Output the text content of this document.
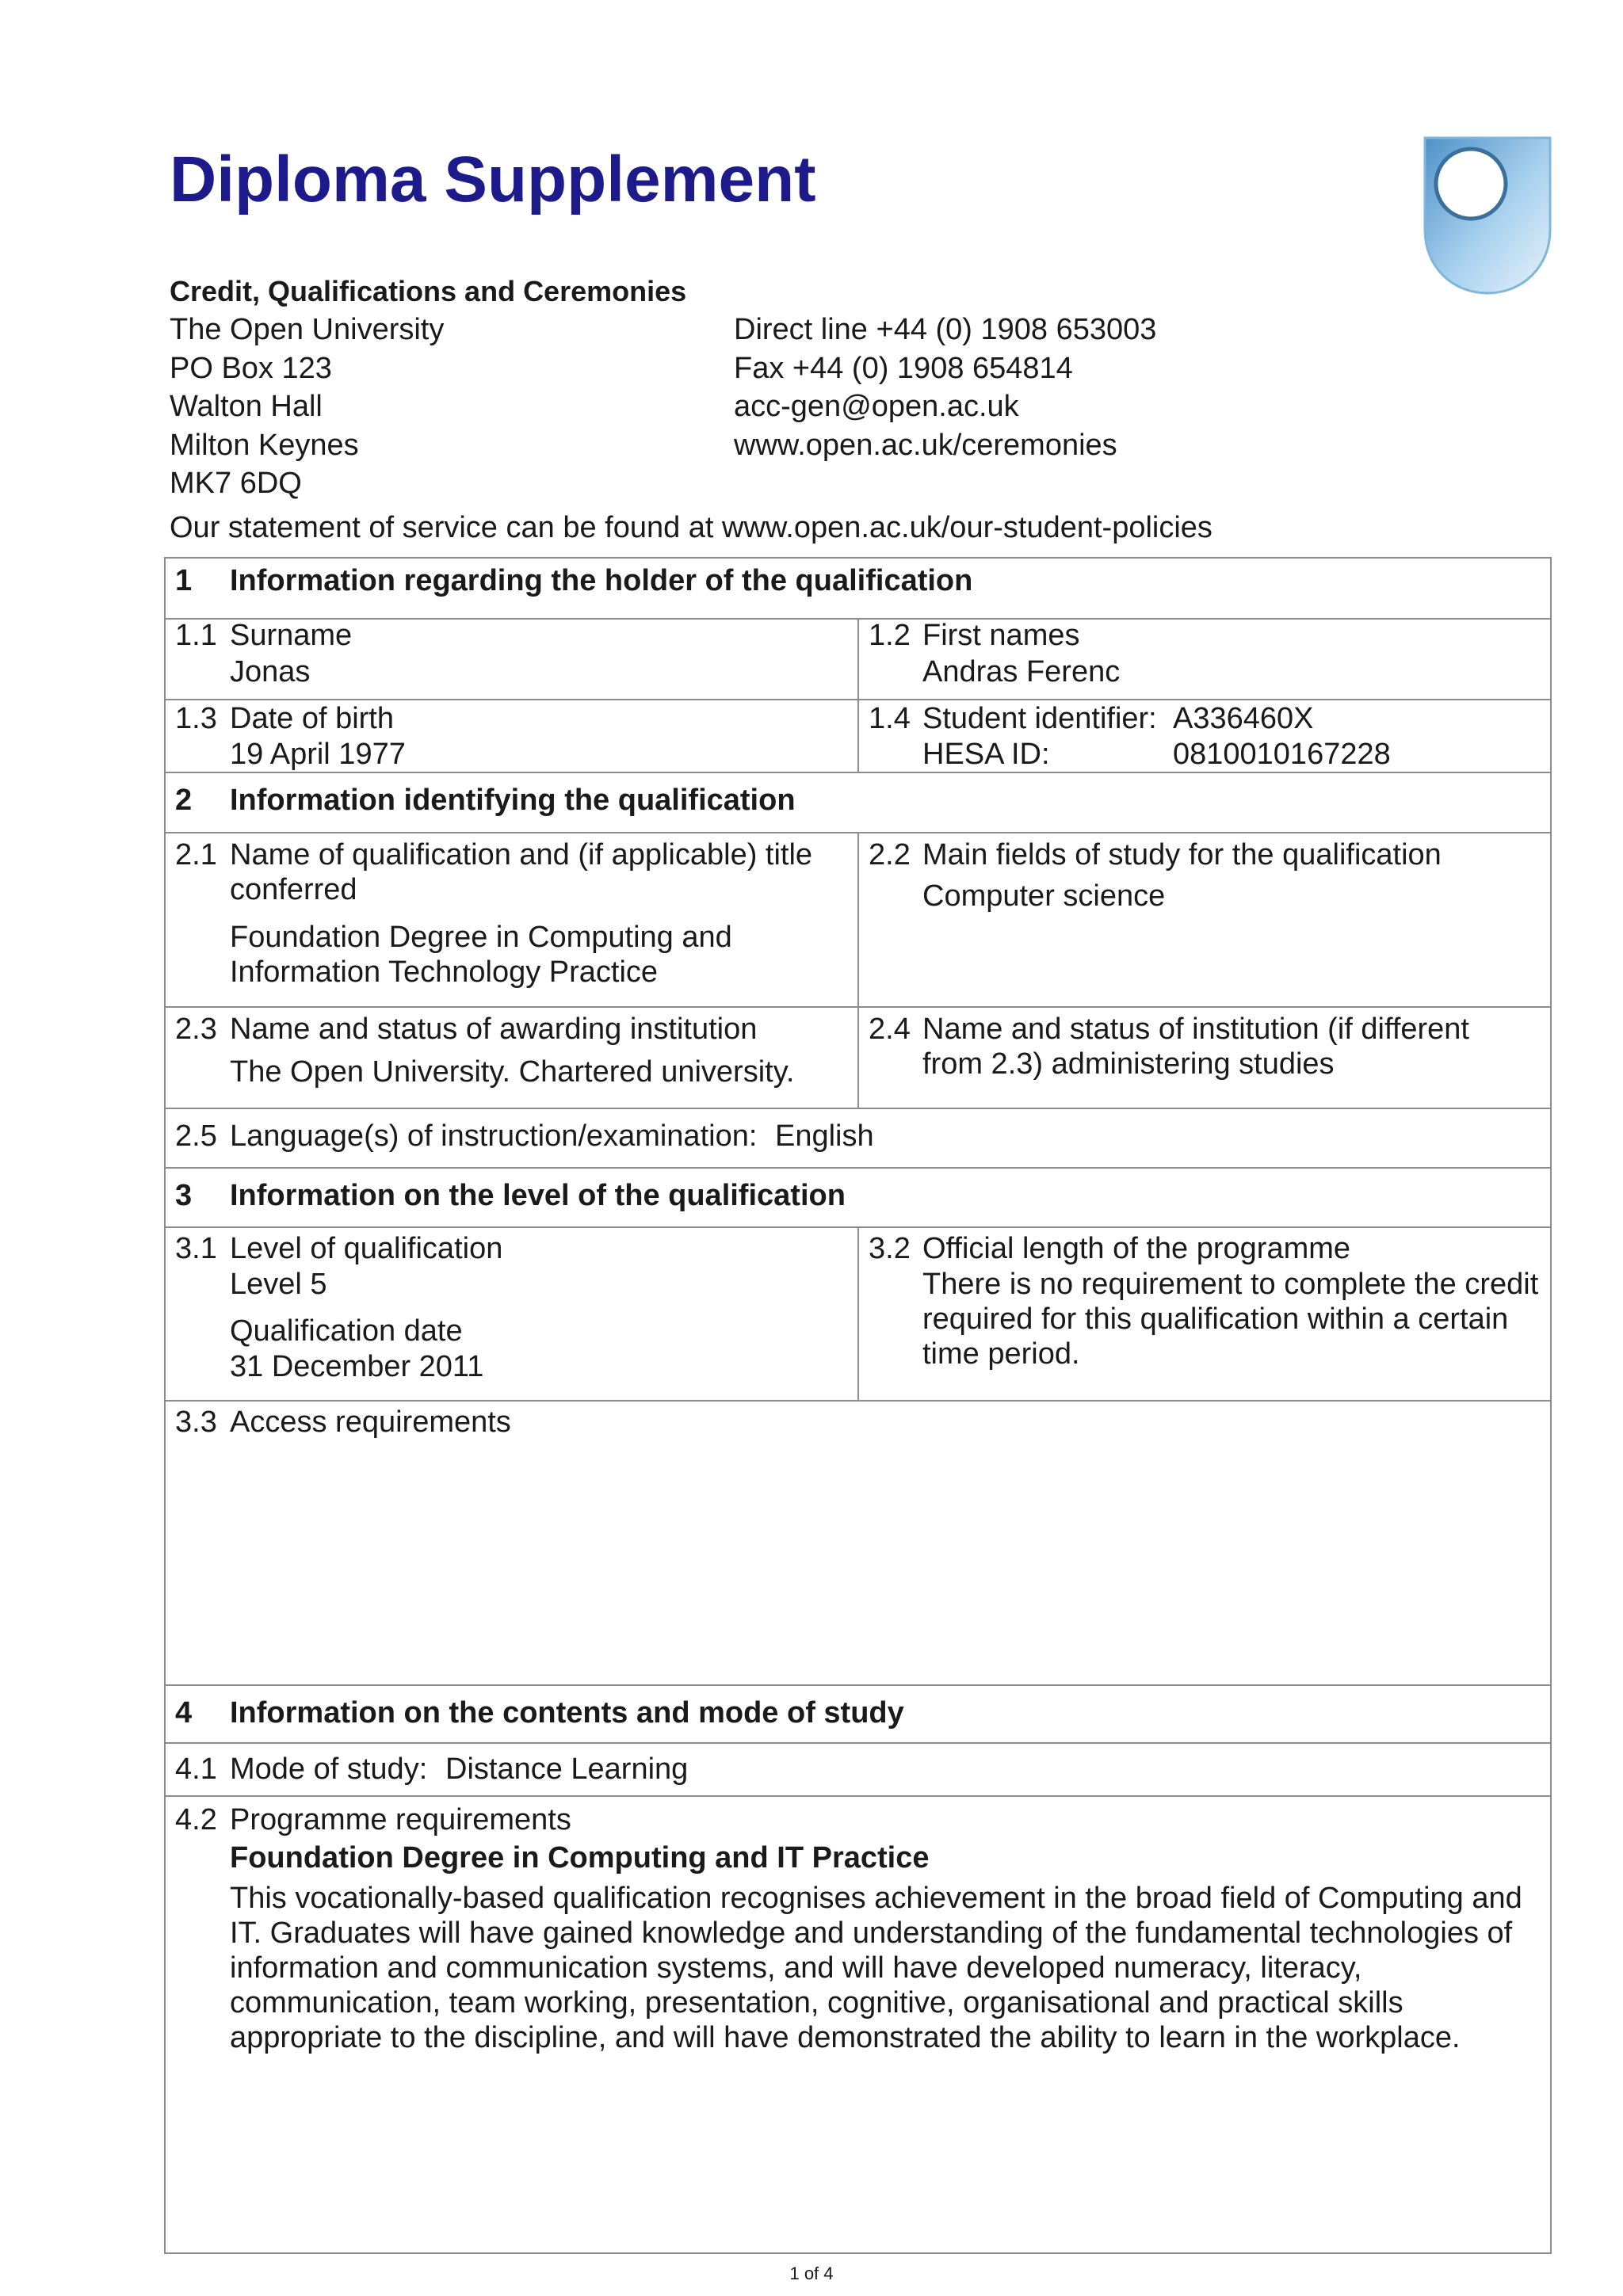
Diploma Supplement
Credit, Qualifications and Ceremonies
The Open University
PO Box 123
Walton Hall
Milton Keynes
MK7 6DQ
Direct line +44 (0) 1908 653003
Fax +44 (0) 1908 654814
acc-gen@open.ac.uk
www.open.ac.uk/ceremonies
Our statement of service can be found at www.open.ac.uk/our-student-policies
1 Information regarding the holder of the qualification
1.1 Surname
Jonas
1.2 First names
Andras Ferenc
1.3 Date of birth
19 April 1977
1.4 Student identifier: A336460X
HESA ID:	0810010167228
2 Information identifying the qualification
2.1 Name of qualification and (if applicable) title
conferred
Foundation Degree in Computing and
Information Technology Practice
2.2 Main fields of study for the qualification
Computer science
2.3 Name and status of awarding institution
The Open University. Chartered university.
2.4 Name and status of institution (if different
from 2.3) administering studies
2.5 Language(s) of instruction/examination: English
3 Information on the level of the qualification
3.1 Level of qualification
Level 5
Qualification date
31 December 2011
3.2 Official length of the programme
There is no requirement to complete the credit
required for this qualification within a certain
time period.
3.3 Access requirements
4 Information on the contents and mode of study
4.1 Mode of study: Distance Learning
4.2 Programme requirements
Foundation Degree in Computing and IT Practice
This vocationally-based qualification recognises achievement in the broad field of Computing and IT. Graduates will have gained knowledge and understanding of the fundamental technologies of information and communication systems, and will have developed numeracy, literacy, communication, team working, presentation, cognitive, organisational and practical skills appropriate to the discipline, and will have demonstrated the ability to learn in the workplace.
1 of 4
